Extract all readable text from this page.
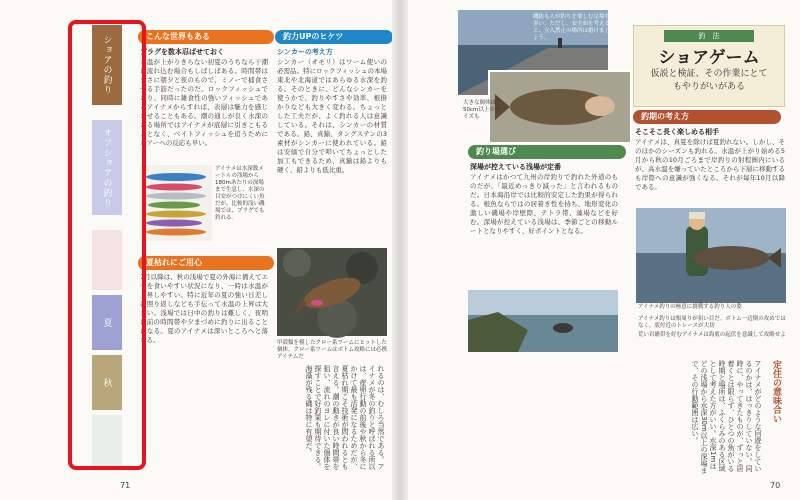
こんな世界もある
ブラグを数本忍ばせておく
水温が上がりきらない初夏のうちなら干潮に流れ込む場合もしばしばある。時間帯はまさに朝夕と夜のもので、ミノーで捕食させる手筋だったのだ。ロックフィッシュであり、同時に雑食性の強いフィッシュであるアイナメからすれば、表層は魅力を感じさせることもある。潮の通しが良く水深のある場所ではアイナメが底層に引きこもることなく、ベイトフィッシュを追うためにルアーへの反応も早い。
アイナメは水深数メートルの浅場から180mあたりの深場まで生息し、水深の目安がつけにくい魚だが、比較的浅い磯場では、プラグでも釣れる。
夏枯れにご用心
7月以降は、秋の浅場で夏の外海に備えてエサを食いやすい状況になり、一時は水温が上昇しやすい。特に近年の夏の強い日差しは照り返しなども手伝って水温の上昇は大きい。浅場では日中の釣りは難しく、夜明け前の時間帯や夕まづめに釣りに出ることになる。夏のアイナメは深いところへと落ちる。
釣力UPのヒケツ
シンカーの考え方
シンカー（オモリ）はワーム使いの必需品。特にロックフィッシュの本場東北や北海道ではあらゆる水深を釣る。そのときに、どんなシンカーを使うかで、釣りやすさや効率、根掛かりなども大きく変わる。ちょっとした工夫だが、よく釣れる人は意識している。それは、シンカーの材質である。鉛、真鍮、タングステンの3素材がシンカーに使われている。鉛は安価で自分で叩いてちょっとした加工もできるため、真鍮は鉛よりも硬く、鉛よりも低比重。
甲殻類を模したクロー系ワームにヒットした個体。クロー系ワームはボトム攻略には必携アイテムだ
れるのは、むしろ当然である。アイナメが冬の釣りと呼ばれる所以は、産卵行動の前後や秋から冬にかけて最も活発になるためだが、夏枯れ期こそ技術が問われるとも言える。潮の動きが良い時間帯を狙い、流れのヨレに付いた個体を探すことで好釣果も期待できる。海藻が残る磯は特に有望だ。
71
ショアの釣り
オフショアの釣り
夏
秋
磯防も人が釣りを楽しむ足場も多い。ただし、安全面を考えると、立入禁止の場所は避けましょう。
大きな個体ほど50cm以上のサイズも
釣　法
ショアゲーム
仮説と検証、その作業にとてもやりがいがある
釣期の考え方
そこそこ長く楽しめる相手
アイナメは、真夏を除けば夏釣れない。しかし、そのほかのシーズンも釣れる。水温が上がり始める5月から秋の10月ごろまで岸釣りの射程圏内にいるが、高水温を嫌っていたところから下層に移動するも岸際への意識が強くなる。それが毎年10月以降である。
釣り場選び
深場が控えている浅場が定番
アイナメはかつて九州の岸釣りで釣れた外道のものだが、「最近めっきり減った」と言われるものだ。日本海沿岸では比較的安定した釣果が得られる。根魚ならではの居着き性を持ち、地形変化の激しい磯場や岸壁際、テトラ帯、藻場などを好む。深場が控えている浅場は、季節ごとの移動ルートとなりやすく、好ポイントとなる。
アイナメ釣りの極意に挑戦する釣り人の姿
アイナメ釣りは根周りが狙い目だ。ボトム一辺倒の攻めではなく、底付近のトレースが大切
荒い岩礁帯を好むアイナメは海底の起伏を意識して攻略せよ
定住の意味合い
アイナメがどのような回遊をしているのかは、はっきりしていない。同時に、やってきたものが、ずっと居着くとは限らず、ひとつの魚がいる時期と場所は、ふくらみのある区域として考えた方がいい。水深1mほどの浅場から水深30m以上の深場まで、その行動範囲は広い。
70
